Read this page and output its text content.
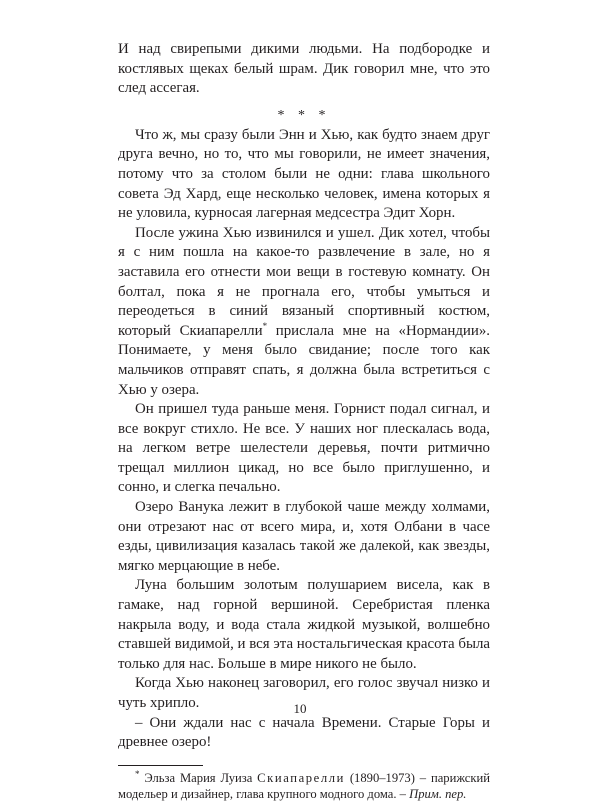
И над свирепыми дикими людьми. На подбородке и костлявых щеках белый шрам. Дик говорил мне, что это след ассегая.

* * *

Что ж, мы сразу были Энн и Хью, как будто знаем друг друга вечно, но то, что мы говорили, не имеет значения, потому что за столом были не одни: глава школьного совета Эд Хард, еще несколько человек, имена которых я не уловила, курносая лагерная медсестра Эдит Хорн.

После ужина Хью извинился и ушел. Дик хотел, чтобы я с ним пошла на какое-то развлечение в зале, но я заставила его отнести мои вещи в гостевую комнату. Он болтал, пока я не прогнала его, чтобы умыться и переодеться в синий вязаный спортивный костюм, который Скиапарелли* прислала мне на «Нормандии». Понимаете, у меня было свидание; после того как мальчиков отправят спать, я должна была встретиться с Хью у озера.

Он пришел туда раньше меня. Горнист подал сигнал, и все вокруг стихло. Не все. У наших ног плескалась вода, на легком ветре шелестели деревья, почти ритмично трещал миллион цикад, но все было приглушенно, и сонно, и слегка печально.

Озеро Ванука лежит в глубокой чаше между холмами, они отрезают нас от всего мира, и, хотя Олбани в часе езды, цивилизация казалась такой же далекой, как звезды, мягко мерцающие в небе.

Луна большим золотым полушарием висела, как в гамаке, над горной вершиной. Серебристая пленка накрыла воду, и вода стала жидкой музыкой, волшебно ставшей видимой, и вся эта ностальгическая красота была только для нас. Больше в мире никого не было.

Когда Хью наконец заговорил, его голос звучал низко и чуть хрипло.

– Они ждали нас с начала Времени. Старые Горы и древнее озеро!

* Эльза Мария Луиза Скиапарелли (1890–1973) – парижский модельер и дизайнер, глава крупного модного дома. – Прим. пер.

10
